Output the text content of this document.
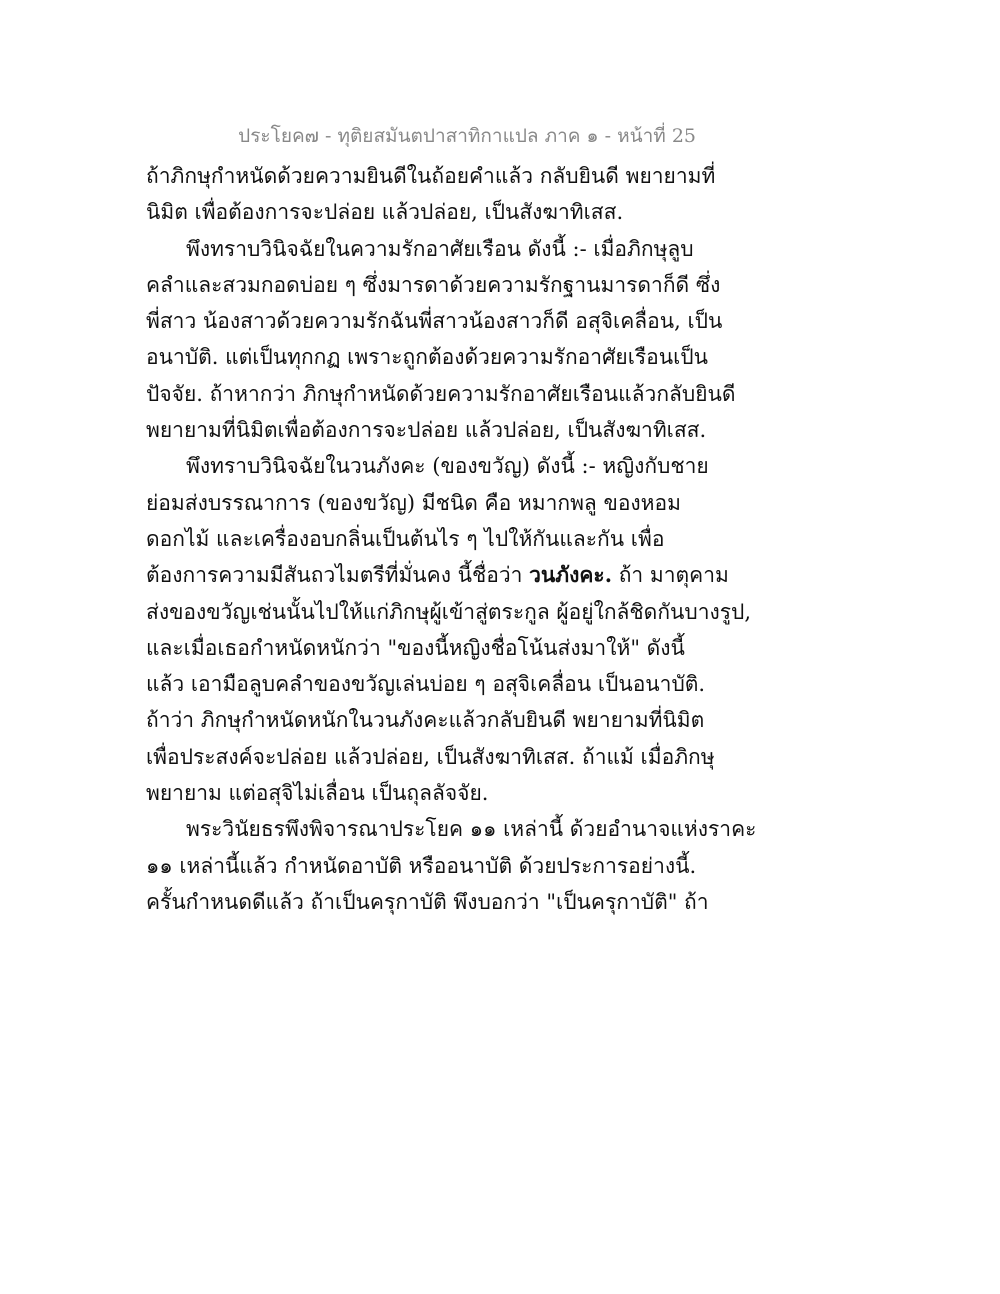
ประโยค๗ - ทุติยสมันตปาสาทิกาแปล ภาค ๑ - หน้าที่ 25
ถ้าภิกษุกำหนัดด้วยความยินดีในถ้อยคำแล้ว กลับยินดี พยายามที่
นิมิต เพื่อต้องการจะปล่อย แล้วปล่อย, เป็นสังฆาทิเสส.
พึงทราบวินิจฉัยในความรักอาศัยเรือน ดังนี้ :- เมื่อภิกษุลูบ
คลำและสวมกอดบ่อย ๆ ซึ่งมารดาด้วยความรักฐานมารดาก็ดี ซึ่ง
พี่สาว น้องสาวด้วยความรักฉันพี่สาวน้องสาวก็ดี อสุจิเคลื่อน, เป็น
อนาบัติ. แต่เป็นทุกกฏ เพราะถูกต้องด้วยความรักอาศัยเรือนเป็น
ปัจจัย. ถ้าหากว่า ภิกษุกำหนัดด้วยความรักอาศัยเรือนแล้วกลับยินดี
พยายามที่นิมิตเพื่อต้องการจะปล่อย แล้วปล่อย, เป็นสังฆาทิเสส.
พึงทราบวินิจฉัยในวนภังคะ (ของขวัญ) ดังนี้ :- หญิงกับชาย
ย่อมส่งบรรณาการ (ของขวัญ) มีชนิด คือ หมากพลู ของหอม
ดอกไม้ และเครื่องอบกลิ่นเป็นต้นไร ๆ ไปให้กันและกัน เพื่อ
ต้องการความมีสันถวไมตรีที่มั่นคง นี้ชื่อว่า วนภังคะ. ถ้า มาตุคาม
ส่งของขวัญเช่นนั้นไปให้แก่ภิกษุผู้เข้าสู่ตระกูล ผู้อยู่ใกล้ชิดกันบางรูป,
และเมื่อเธอกำหนัดหนักว่า "ของนี้หญิงชื่อโน้นส่งมาให้" ดังนี้
แล้ว เอามือลูบคลำของขวัญเล่นบ่อย ๆ อสุจิเคลื่อน เป็นอนาบัติ.
ถ้าว่า ภิกษุกำหนัดหนักในวนภังคะแล้วกลับยินดี พยายามที่นิมิต
เพื่อประสงค์จะปล่อย แล้วปล่อย, เป็นสังฆาทิเสส. ถ้าแม้ เมื่อภิกษุ
พยายาม แต่อสุจิไม่เลื่อน เป็นถุลลัจจัย.
พระวินัยธรพึงพิจารณาประโยค ๑๑ เหล่านี้ ด้วยอำนาจแห่งราคะ
๑๑ เหล่านี้แล้ว กำหนัดอาบัติ หรืออนาบัติ ด้วยประการอย่างนี้.
ครั้นกำหนดดีแล้ว ถ้าเป็นครุกาบัติ พึงบอกว่า "เป็นครุกาบัติ" ถ้า
